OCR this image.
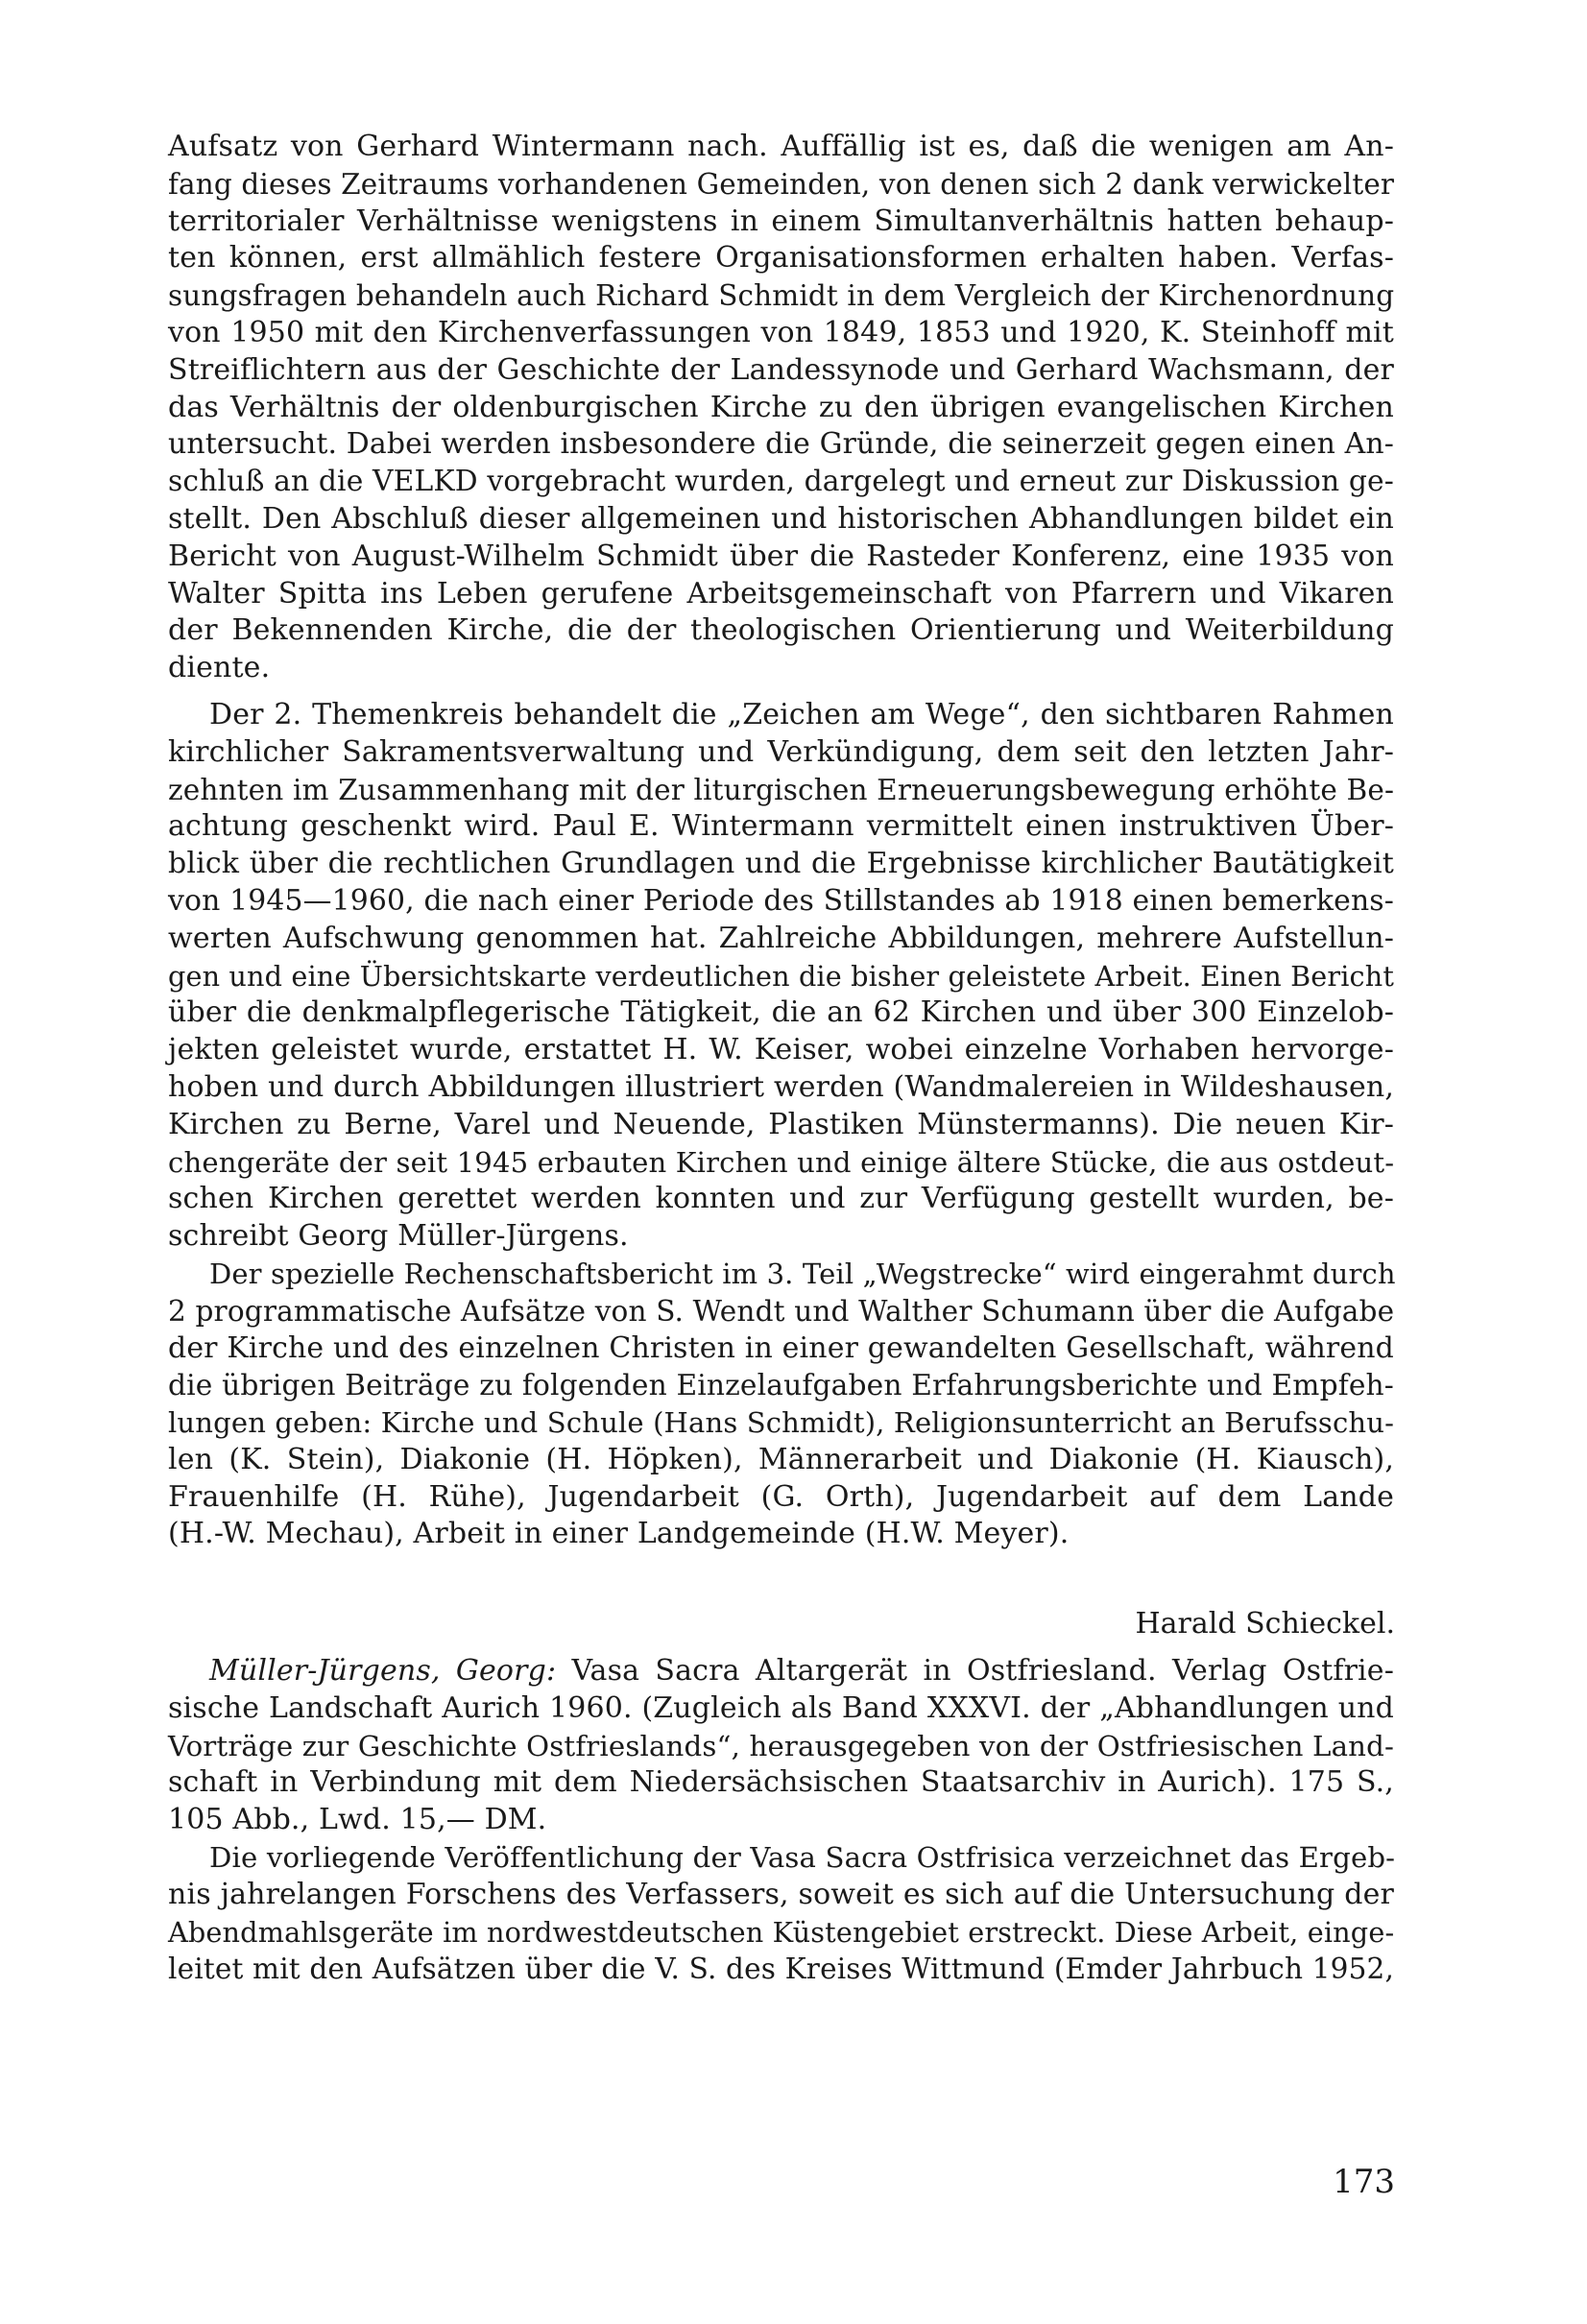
Aufsatz von Gerhard Wintermann nach. Auffällig ist es, daß die wenigen am An-
fang dieses Zeitraums vorhandenen Gemeinden, von denen sich 2 dank verwickelter
territorialer Verhältnisse wenigstens in einem Simultanverhältnis hatten behaup-
ten können, erst allmählich festere Organisationsformen erhalten haben. Verfas-
sungsfragen behandeln auch Richard Schmidt in dem Vergleich der Kirchenordnung
von 1950 mit den Kirchenverfassungen von 1849, 1853 und 1920, K. Steinhoff mit
Streiflichtern aus der Geschichte der Landessynode und Gerhard Wachsmann, der
das Verhältnis der oldenburgischen Kirche zu den übrigen evangelischen Kirchen
untersucht. Dabei werden insbesondere die Gründe, die seinerzeit gegen einen An-
schluß an die VELKD vorgebracht wurden, dargelegt und erneut zur Diskussion ge-
stellt. Den Abschluß dieser allgemeinen und historischen Abhandlungen bildet ein
Bericht von August-Wilhelm Schmidt über die Rasteder Konferenz, eine 1935 von
Walter Spitta ins Leben gerufene Arbeitsgemeinschaft von Pfarrern und Vikaren
der Bekennenden Kirche, die der theologischen Orientierung und Weiterbildung
diente.
Der 2. Themenkreis behandelt die „Zeichen am Wege“, den sichtbaren Rahmen
kirchlicher Sakramentsverwaltung und Verkündigung, dem seit den letzten Jahr-
zehnten im Zusammenhang mit der liturgischen Erneuerungsbewegung erhöhte Be-
achtung geschenkt wird. Paul E. Wintermann vermittelt einen instruktiven Über-
blick über die rechtlichen Grundlagen und die Ergebnisse kirchlicher Bautätigkeit
von 1945—1960, die nach einer Periode des Stillstandes ab 1918 einen bemerkens-
werten Aufschwung genommen hat. Zahlreiche Abbildungen, mehrere Aufstellun-
gen und eine Übersichtskarte verdeutlichen die bisher geleistete Arbeit. Einen Bericht
über die denkmalpflegerische Tätigkeit, die an 62 Kirchen und über 300 Einzelob-
jekten geleistet wurde, erstattet H. W. Keiser, wobei einzelne Vorhaben hervorge-
hoben und durch Abbildungen illustriert werden (Wandmalereien in Wildeshausen,
Kirchen zu Berne, Varel und Neuende, Plastiken Münstermanns). Die neuen Kir-
chengeräte der seit 1945 erbauten Kirchen und einige ältere Stücke, die aus ostdeut-
schen Kirchen gerettet werden konnten und zur Verfügung gestellt wurden, be-
schreibt Georg Müller-Jürgens.
Der spezielle Rechenschaftsbericht im 3. Teil „Wegstrecke“ wird eingerahmt durch
2 programmatische Aufsätze von S. Wendt und Walther Schumann über die Aufgabe
der Kirche und des einzelnen Christen in einer gewandelten Gesellschaft, während
die übrigen Beiträge zu folgenden Einzelaufgaben Erfahrungsberichte und Empfeh-
lungen geben: Kirche und Schule (Hans Schmidt), Religionsunterricht an Berufsschu-
len (K. Stein), Diakonie (H. Höpken), Männerarbeit und Diakonie (H. Kiausch),
Frauenhilfe (H. Rühe), Jugendarbeit (G. Orth), Jugendarbeit auf dem Lande
(H.-W. Mechau), Arbeit in einer Landgemeinde (H.W. Meyer).
Harald Schieckel.
Müller-Jürgens, Georg: Vasa Sacra Altargerät in Ostfriesland. Verlag Ostfrie-
sische Landschaft Aurich 1960. (Zugleich als Band XXXVI. der „Abhandlungen und
Vorträge zur Geschichte Ostfrieslands“, herausgegeben von der Ostfriesischen Land-
schaft in Verbindung mit dem Niedersächsischen Staatsarchiv in Aurich). 175 S.,
105 Abb., Lwd. 15,— DM.
Die vorliegende Veröffentlichung der Vasa Sacra Ostfrisica verzeichnet das Ergeb-
nis jahrelangen Forschens des Verfassers, soweit es sich auf die Untersuchung der
Abendmahlsgeräte im nordwestdeutschen Küstengebiet erstreckt. Diese Arbeit, einge-
leitet mit den Aufsätzen über die V. S. des Kreises Wittmund (Emder Jahrbuch 1952,
173
